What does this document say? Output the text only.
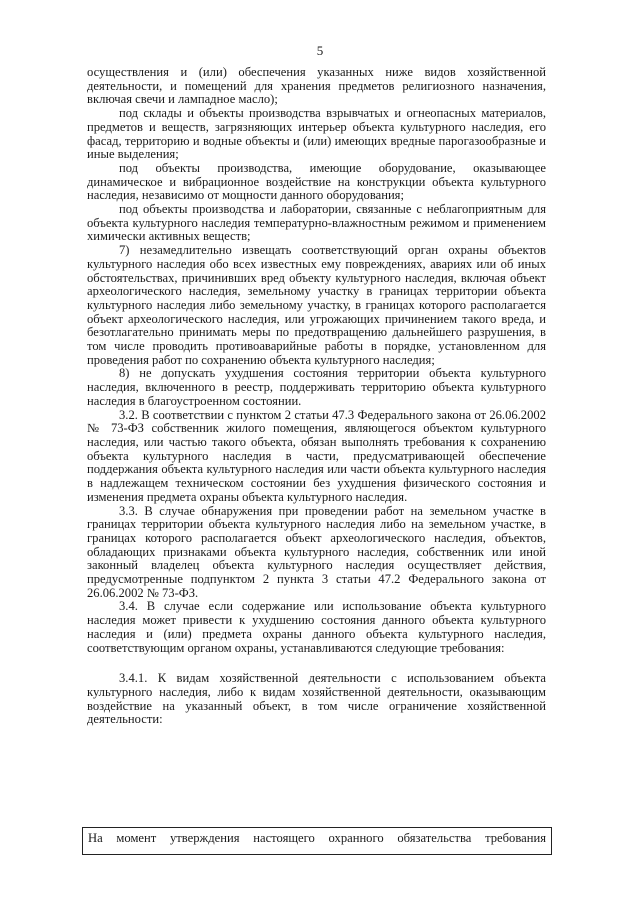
5

осуществления и (или) обеспечения указанных ниже видов хозяйственной деятельности, и помещений для хранения предметов религиозного назначения, включая свечи и лампадное масло);

под склады и объекты производства взрывчатых и огнеопасных материалов, предметов и веществ, загрязняющих интерьер объекта культурного наследия, его фасад, территорию и водные объекты и (или) имеющих вредные парогазообразные и иные выделения;

под объекты производства, имеющие оборудование, оказывающее динамическое и вибрационное воздействие на конструкции объекта культурного наследия, независимо от мощности данного оборудования;

под объекты производства и лаборатории, связанные с неблагоприятным для объекта культурного наследия температурно-влажностным режимом и применением химически активных веществ;

7) незамедлительно извещать соответствующий орган охраны объектов культурного наследия обо всех известных ему повреждениях, авариях или об иных обстоятельствах, причинивших вред объекту культурного наследия, включая объект археологического наследия, земельному участку в границах территории объекта культурного наследия либо земельному участку, в границах которого располагается объект археологического наследия, или угрожающих причинением такого вреда, и безотлагательно принимать меры по предотвращению дальнейшего разрушения, в том числе проводить противоаварийные работы в порядке, установленном для проведения работ по сохранению объекта культурного наследия;

8) не допускать ухудшения состояния территории объекта культурного наследия, включенного в реестр, поддерживать территорию объекта культурного наследия в благоустроенном состоянии.

3.2. В соответствии с пунктом 2 статьи 47.3 Федерального закона от 26.06.2002 № 73-ФЗ собственник жилого помещения, являющегося объектом культурного наследия, или частью такого объекта, обязан выполнять требования к сохранению объекта культурного наследия в части, предусматривающей обеспечение поддержания объекта культурного наследия или части объекта культурного наследия в надлежащем техническом состоянии без ухудшения физического состояния и изменения предмета охраны объекта культурного наследия.

3.3. В случае обнаружения при проведении работ на земельном участке в границах территории объекта культурного наследия либо на земельном участке, в границах которого располагается объект археологического наследия, объектов, обладающих признаками объекта культурного наследия, собственник или иной законный владелец объекта культурного наследия осуществляет действия, предусмотренные подпунктом 2 пункта 3 статьи 47.2 Федерального закона от 26.06.2002 № 73-ФЗ.

3.4. В случае если содержание или использование объекта культурного наследия может привести к ухудшению состояния данного объекта культурного наследия и (или) предмета охраны данного объекта культурного наследия, соответствующим органом охраны, устанавливаются следующие требования:

3.4.1. К видам хозяйственной деятельности с использованием объекта культурного наследия, либо к видам хозяйственной деятельности, оказывающим воздействие на указанный объект, в том числе ограничение хозяйственной деятельности:

На момент утверждения настоящего охранного обязательства требования
